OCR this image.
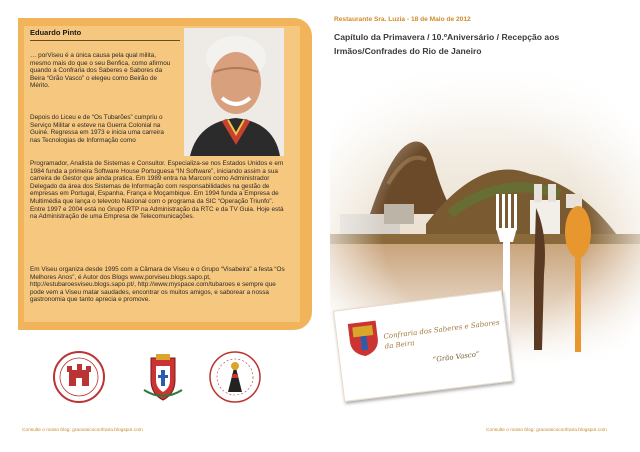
Eduardo Pinto

… porViseu é a única causa pela qual milita, mesmo mais do que o seu Benfica, como afirmou quando a Confraria dos Saberes e Sabores da Beira “Grão Vasco” o elegeu como Beirão de Mérito.

Depois do Liceu e de “Os Tubarões” cumpriu o Serviço Militar e esteve na Guerra Colonial na Guiné. Regressa em 1973 e inicia uma carreira nas Tecnologias de Informação como

Programador, Analista de Sistemas e Consultor. Especializa-se nos Estados Unidos e em 1984 funda a primeira Software House Portuguesa “IN Software”, iniciando assim a sua carreira de Gestor que ainda pratica. Em 1989 entra na Marconi como Administrador Delegado da área dos Sistemas de Informação com responsabilidades na gestão de empresas em Portugal, Espanha, França e Moçambique. Em 1994 funda a Empresa de Multimédia que lança o televoto Nacional com o programa da SIC “Operação Triunfo”. Entre 1997 e 2004 está no Grupo RTP na Administração da RTC e da TV Guia. Hoje está na Administração de uma Empresa de Telecomunicações.

Em Viseu organiza desde 1995 com a Câmara de Viseu e o Grupo “Visabeira” a festa “Os Melhores Anos”, é Autor dos Blogs www.porviseu.blogs.sapo.pt, http://estubaroesviseu.blogs.sapo.pt/, http://www.myspace.com/tubaroes e sempre que pode vem a Viseu matar saudades, encontrar os muitos amigos, e saborear a nossa gastronomia que tanto aprecia e promove.

Consulte o nosso blog: graovascoconfraria.blogspot.com
Restaurante Sra. Luzia - 18 de Maio de 2012

Capítulo da Primavera / 10.ºAniversário / Recepção aos Irmãos/Confrades do Rio de Janeiro

Confraria dos Saberes e Sabores da Beira
“Grão Vasco”
Consulte o nosso blog: graovascoconfraria.blogspot.com
